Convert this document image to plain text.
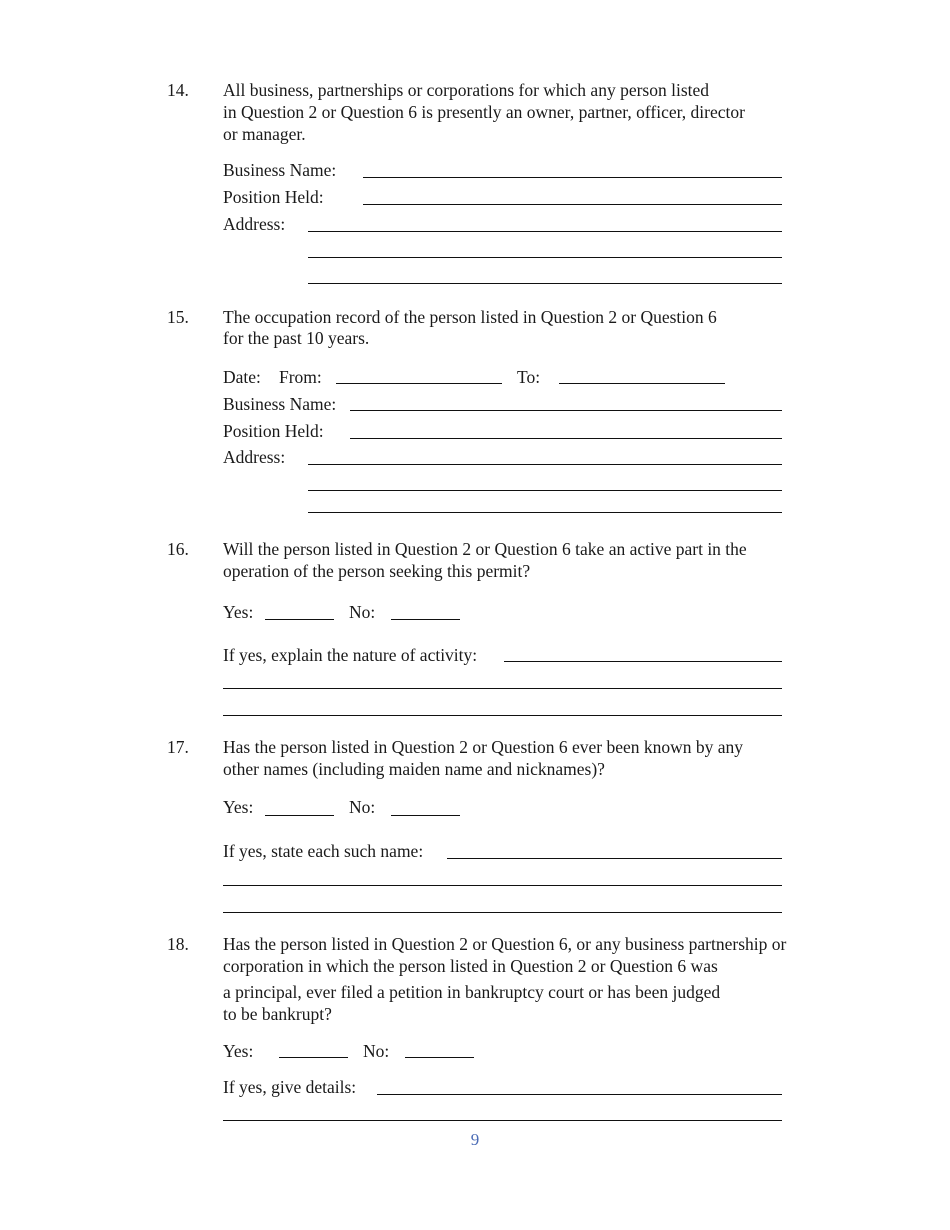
14. All business, partnerships or corporations for which any person listed
in Question 2 or Question 6 is presently an owner, partner, officer, director
or manager.
Business Name:
Position Held:
Address:
15. The occupation record of the person listed in Question 2 or Question 6
for the past 10 years.
Date: From:	To:
Business Name:
Position Held:
Address:
16. Will the person listed in Question 2 or Question 6 take an active part in the
operation of the person seeking this permit?
Yes:	No:
If yes, explain the nature of activity:
17. Has the person listed in Question 2 or Question 6 ever been known by any
other names (including maiden name and nicknames)?
Yes:	No:
If yes, state each such name:
18. Has the person listed in Question 2 or Question 6, or any business partnership or
corporation in which the person listed in Question 2 or Question 6 was
a principal, ever filed a petition in bankruptcy court or has been judged
to be bankrupt?
Yes:	No:
If yes, give details:
9
